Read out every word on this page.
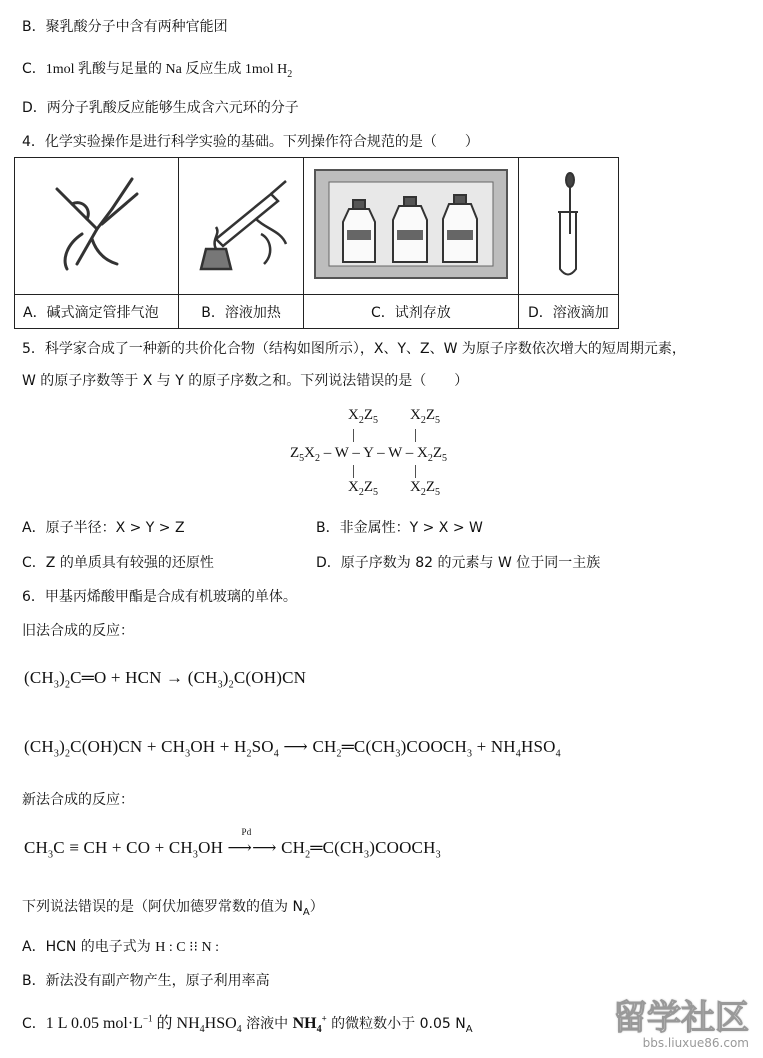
B．聚乳酸分子中含有两种官能团
C．1mol 乳酸与足量的 Na 反应生成 1mol $H_2$
D．两分子乳酸反应能够生成含六元环的分子
4．化学实验操作是进行科学实验的基础。下列操作符合规范的是（　　）

A．碱式滴定管排气泡	B．溶液加热	C．试剂存放	D．溶液滴加
5．科学家合成了一种新的共价化合物（结构如图所示），X、Y、Z、W 为原子序数依次增大的短周期元素，
W 的原子序数等于 X 与 Y 的原子序数之和。下列说法错误的是（　　）
$X_2Z_5$ $X_2Z_5$
|	|
$Z_5X_2$ – W – Y – W – $X_2Z_5$
|	|
$X_2Z_5$ $X_2Z_5$
A．原子半径：X > Y > Z	B．非金属性：Y > X > W
C．Z 的单质具有较强的还原性	D．原子序数为 82 的元素与 W 位于同一主族
6．甲基丙烯酸甲酯是合成有机玻璃的单体。
旧法合成的反应：
$(CH_3)_2C═O$ + HCN → $(CH_3)_2C(OH)CN$
$(CH_3)_2C(OH)CN + CH_3OH + H_2SO_4$ ⟶ $CH_2═C(CH_3)COOCH_3 + NH_4HSO_4$
新法合成的反应：
$CH_3C$ ≡ CH + CO + $CH_3OH$ ⟶⟶
Pd
$CH_2═C(CH_3)COOCH_3$
下列说法错误的是（阿伏加德罗常数的值为 $N_A$）
A．HCN 的电子式为 H : C ⁝⁝ N :
B．新法没有副产物产生，原子利用率高
C．1 L 0.05 $mol\cdot L^{-1}$ 的 $NH_4HSO_4$ 溶液中 $NH_4^+$ 的微粒数小于 0.05 $N_A$	留学社区
bbs.liuxue86.com
